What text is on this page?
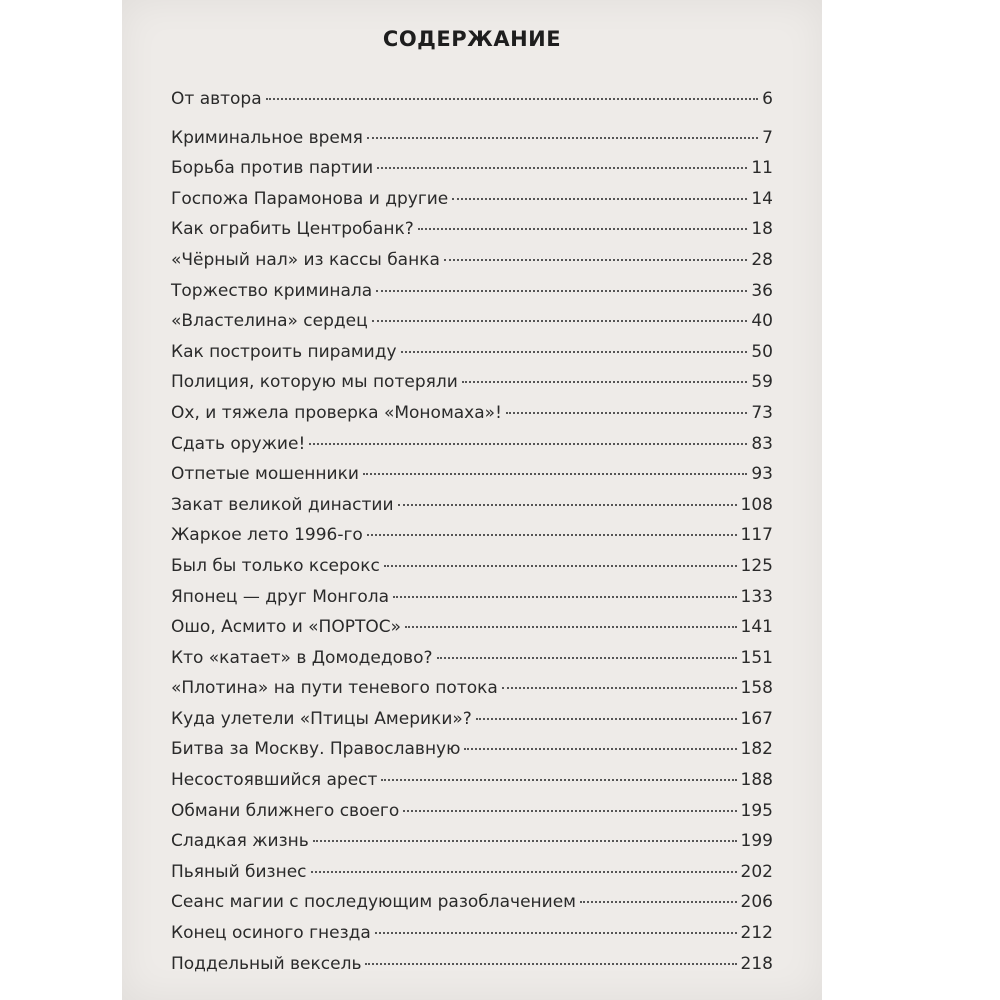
СОДЕРЖАНИЕ
От автора	6
Криминальное время	7
Борьба против партии	11
Госпожа Парамонова и другие	14
Как ограбить Центробанк?	18
«Чёрный нал» из кассы банка	28
Торжество криминала	36
«Властелина» сердец	40
Как построить пирамиду	50
Полиция, которую мы потеряли	59
Ох, и тяжела проверка «Мономаха»!	73
Сдать оружие!	83
Отпетые мошенники	93
Закат великой династии	108
Жаркое лето 1996-го	117
Был бы только ксерокс	125
Японец — друг Монгола	133
Ошо, Асмито и «ПОРТОС»	141
Кто «катает» в Домодедово?	151
«Плотина» на пути теневого потока	158
Куда улетели «Птицы Америки»?	167
Битва за Москву. Православную	182
Несостоявшийся арест	188
Обмани ближнего своего	195
Сладкая жизнь	199
Пьяный бизнес	202
Сеанс магии с последующим разоблачением	206
Конец осиного гнезда	212
Поддельный вексель	218
